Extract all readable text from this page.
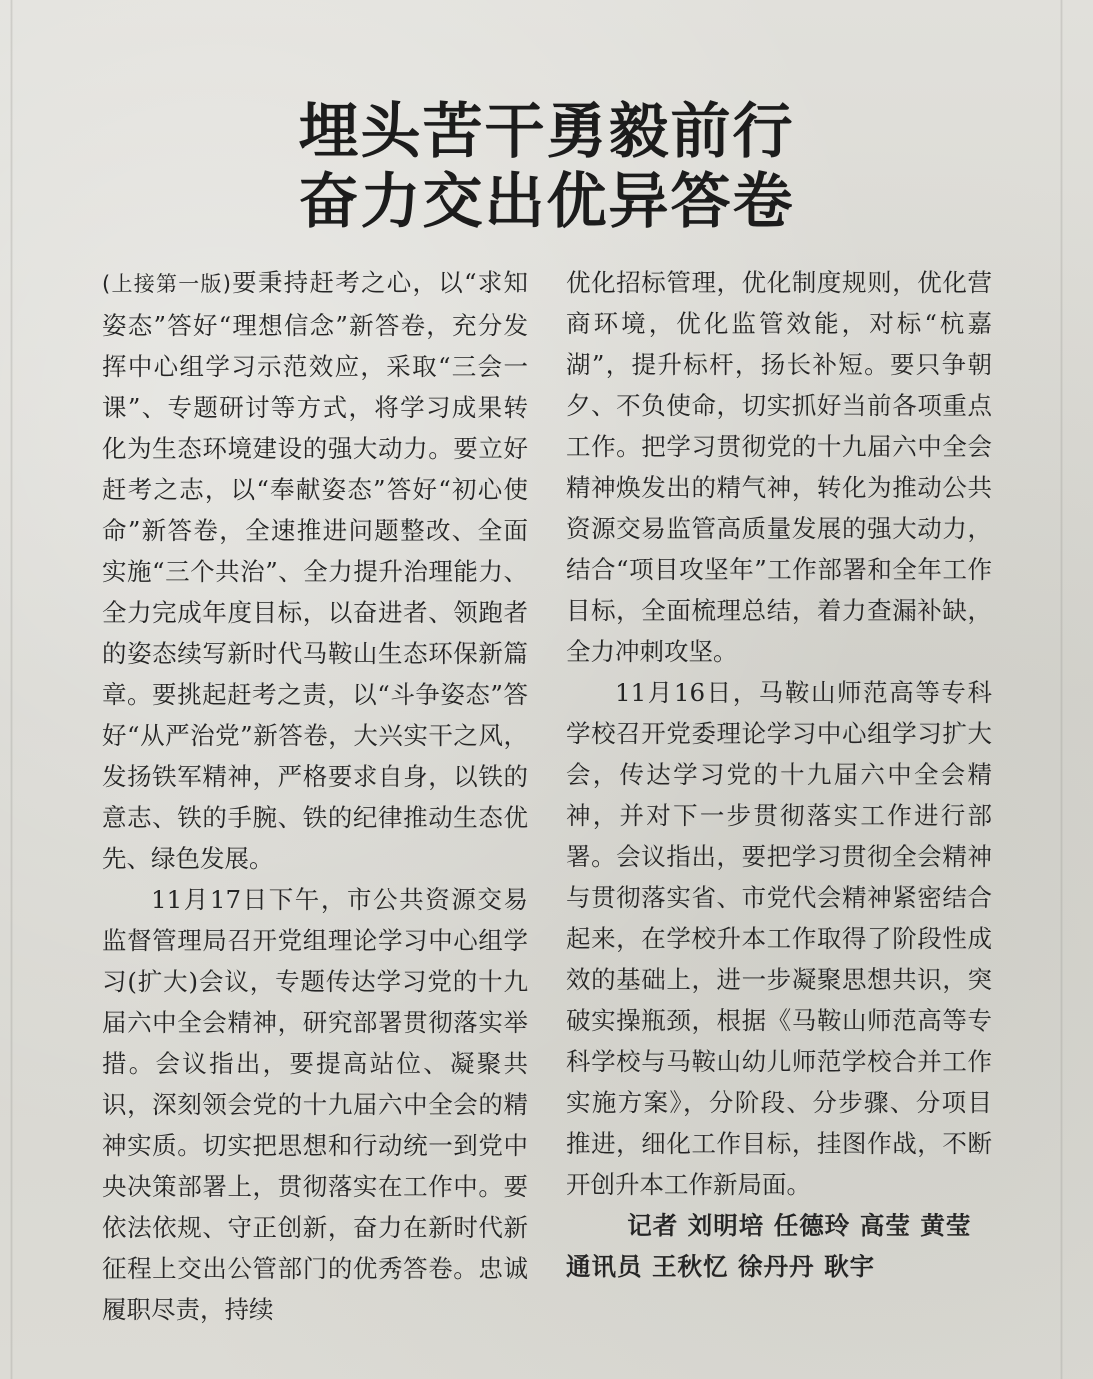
埋头苦干勇毅前行
奋力交出优异答卷

(上接第一版)要秉持赶考之心，以“求知姿态”答好“理想信念”新答卷，充分发挥中心组学习示范效应，采取“三会一课”、专题研讨等方式，将学习成果转化为生态环境建设的强大动力。要立好赶考之志，以“奉献姿态”答好“初心使命”新答卷，全速推进问题整改、全面实施“三个共治”、全力提升治理能力、全力完成年度目标，以奋进者、领跑者的姿态续写新时代马鞍山生态环保新篇章。要挑起赶考之责，以“斗争姿态”答好“从严治党”新答卷，大兴实干之风，发扬铁军精神，严格要求自身，以铁的意志、铁的手腕、铁的纪律推动生态优先、绿色发展。

11月17日下午，市公共资源交易监督管理局召开党组理论学习中心组学习(扩大)会议，专题传达学习党的十九届六中全会精神，研究部署贯彻落实举措。会议指出，要提高站位、凝聚共识，深刻领会党的十九届六中全会的精神实质。切实把思想和行动统一到党中央决策部署上，贯彻落实在工作中。要依法依规、守正创新，奋力在新时代新征程上交出公管部门的优秀答卷。忠诚履职尽责，持续

优化招标管理，优化制度规则，优化营商环境，优化监管效能，对标“杭嘉湖”，提升标杆，扬长补短。要只争朝夕、不负使命，切实抓好当前各项重点工作。把学习贯彻党的十九届六中全会精神焕发出的精气神，转化为推动公共资源交易监管高质量发展的强大动力，结合“项目攻坚年”工作部署和全年工作目标，全面梳理总结，着力查漏补缺，全力冲刺攻坚。

11月16日，马鞍山师范高等专科学校召开党委理论学习中心组学习扩大会，传达学习党的十九届六中全会精神，并对下一步贯彻落实工作进行部署。会议指出，要把学习贯彻全会精神与贯彻落实省、市党代会精神紧密结合起来，在学校升本工作取得了阶段性成效的基础上，进一步凝聚思想共识，突破实操瓶颈，根据《马鞍山师范高等专科学校与马鞍山幼儿师范学校合并工作实施方案》，分阶段、分步骤、分项目推进，细化工作目标，挂图作战，不断开创升本工作新局面。

记者 刘明培 任德玲 高莹 黄莹 通讯员 王秋忆 徐丹丹 耿宇
